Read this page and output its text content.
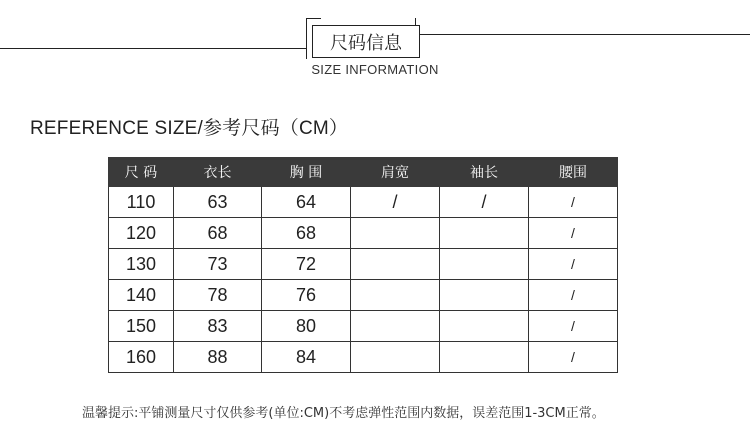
尺码信息
SIZE INFORMATION
REFERENCE SIZE/参考尺码（CM）
尺 码	衣长	胸 围	肩宽	袖长	腰围
110	63	64	/	/	/
120	68	68			/
130	73	72			/
140	78	76			/
150	83	80			/
160	88	84			/
温馨提示:平铺测量尺寸仅供参考(单位:CM)不考虑弹性范围内数据，误差范围1-3CM正常。
